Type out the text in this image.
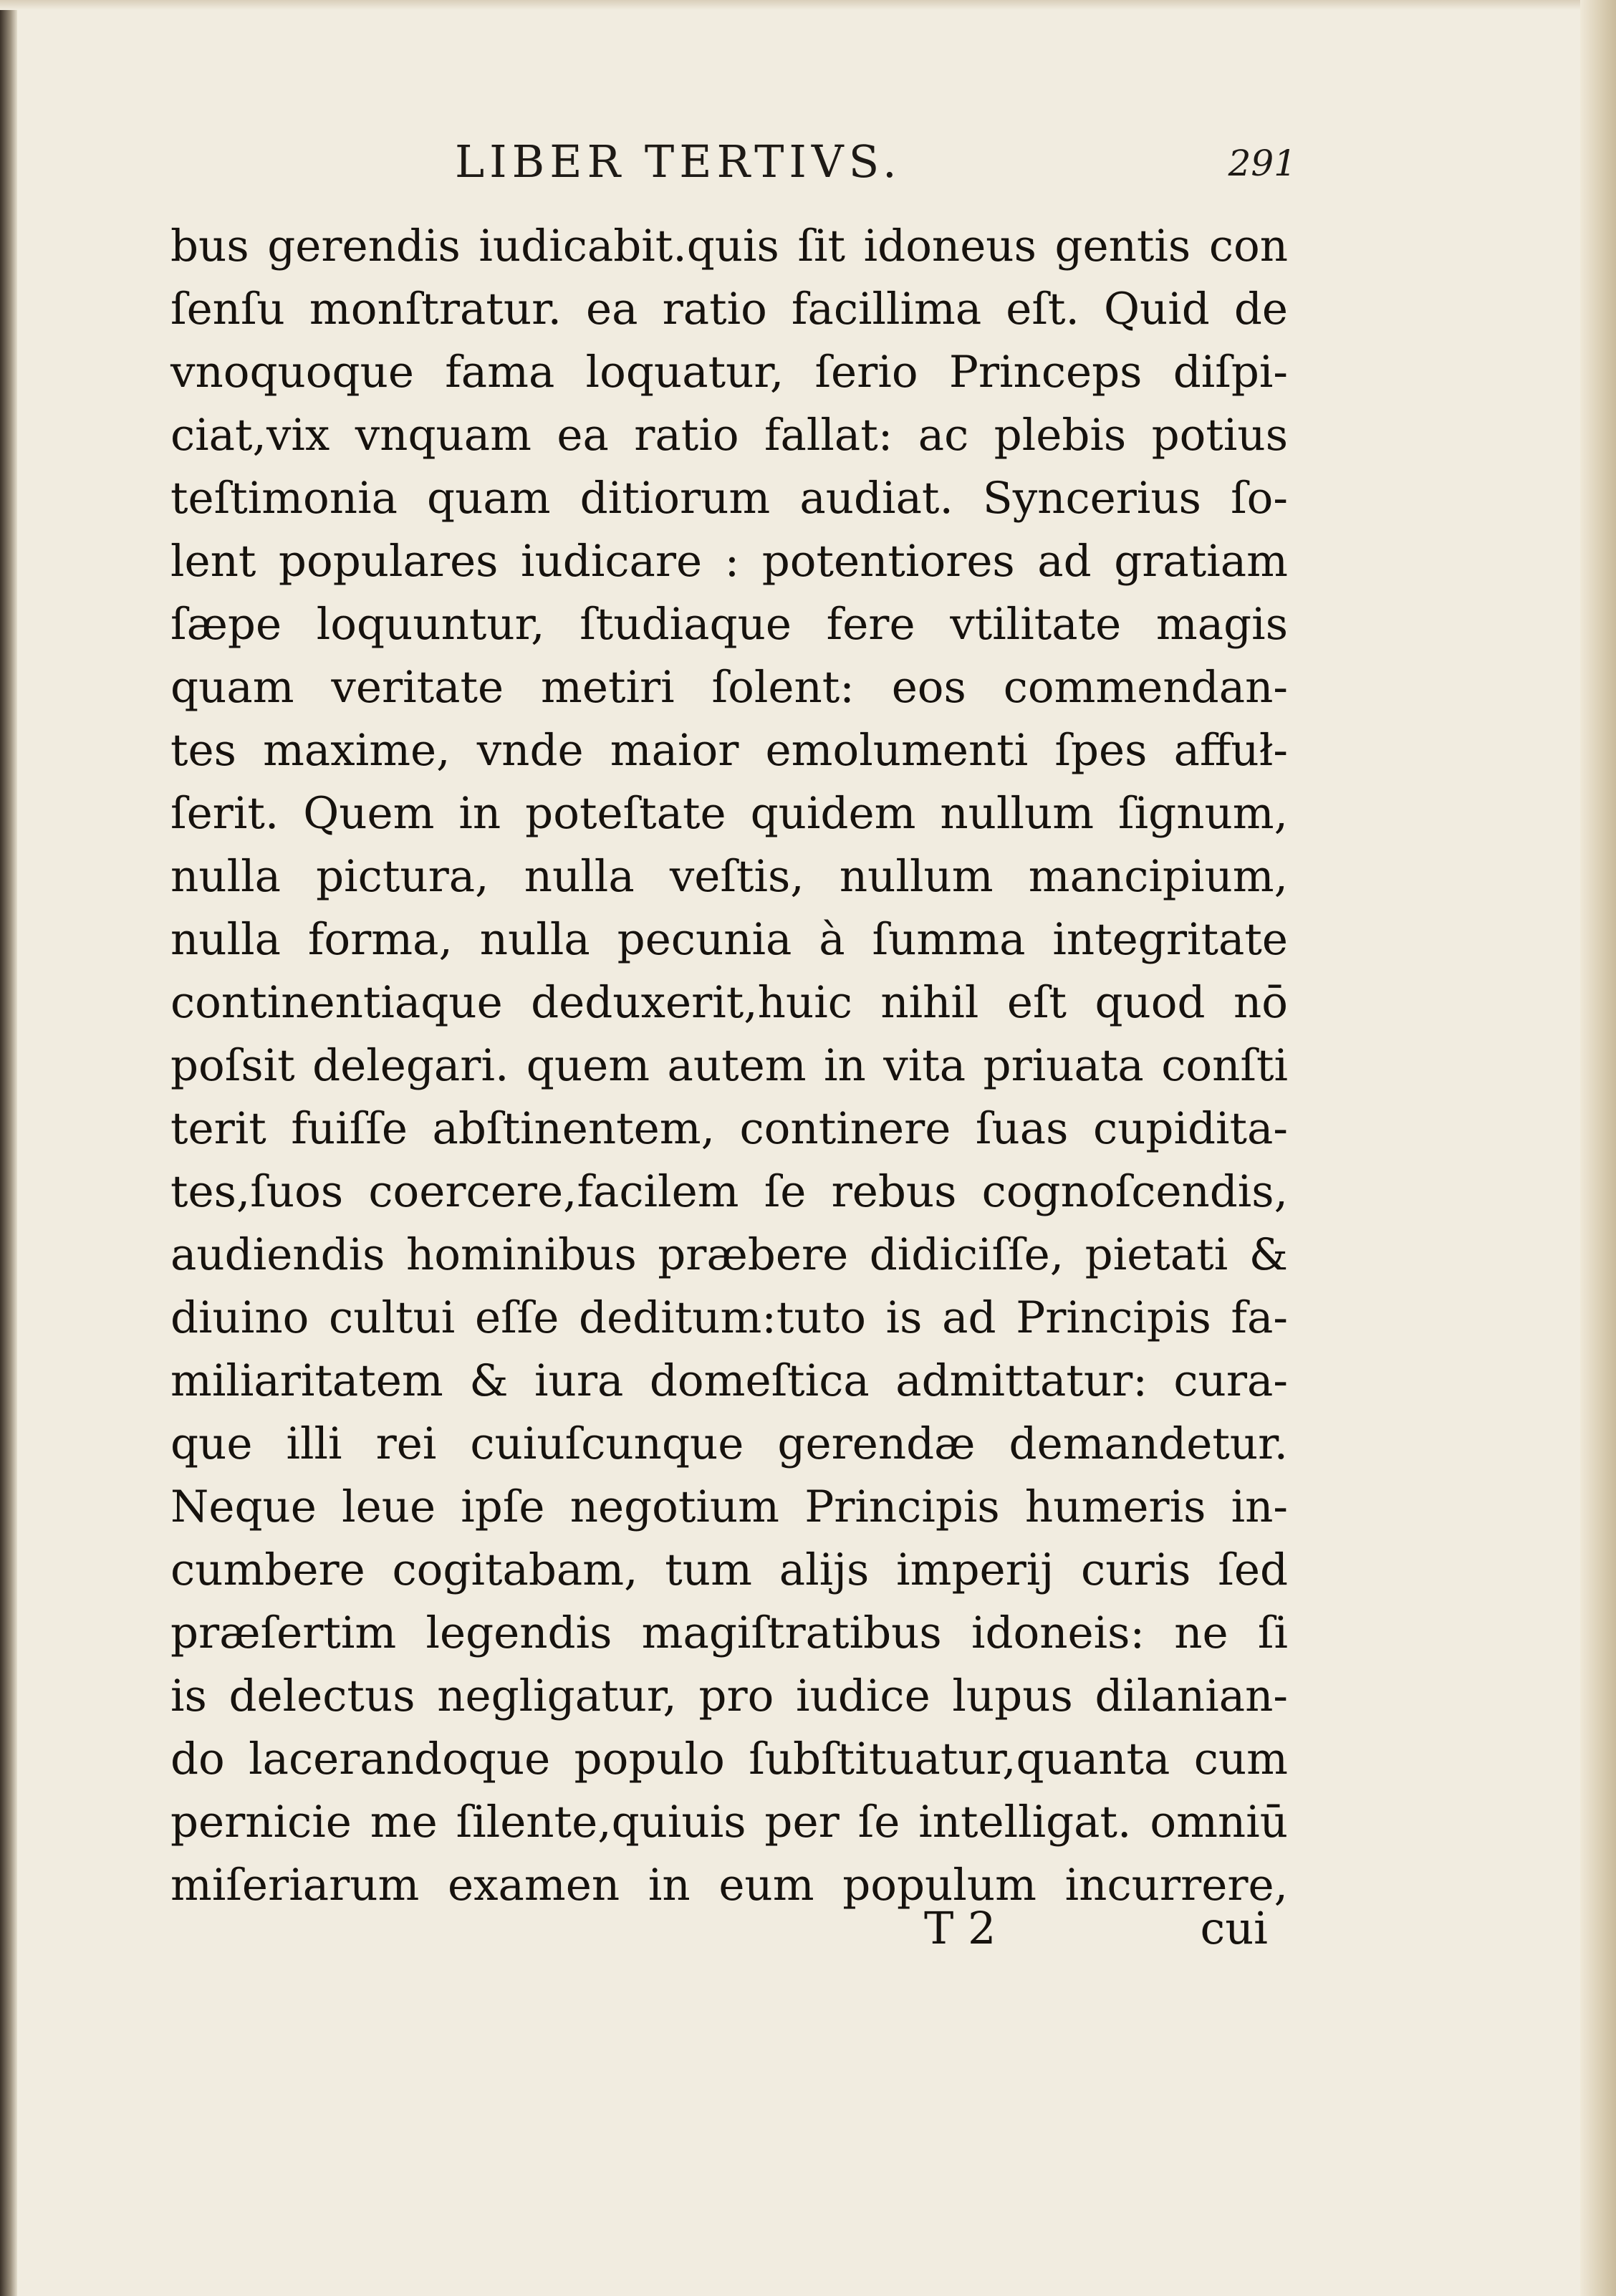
LIBER TERTIVS.	291
bus gerendis iudicabit.quis ſit idoneus gentis con
ſenſu monſtratur. ea ratio facillima eſt. Quid de
vnoquoque fama loquatur, ſerio Princeps diſpi-
ciat,vix vnquam ea ratio fallat: ac plebis potius
teſtimonia quam ditiorum audiat. Syncerius ſo-
lent populares iudicare : potentiores ad gratiam
ſæpe loquuntur, ſtudiaque fere vtilitate magis
quam veritate metiri ſolent: eos commendan-
tes maxime, vnde maior emolumenti ſpes affuł-
ſerit. Quem in poteſtate quidem nullum ſignum,
nulla pictura, nulla veſtis, nullum mancipium,
nulla forma, nulla pecunia à ſumma integritate
continentiaque deduxerit,huic nihil eſt quod nō
poſsit delegari. quem autem in vita priuata conſti
terit fuiſſe abſtinentem, continere ſuas cupidita-
tes,ſuos coercere,facilem ſe rebus cognoſcendis,
audiendis hominibus præbere didiciſſe, pietati &
diuino cultui eſſe deditum:tuto is ad Principis fa-
miliaritatem & iura domeſtica admittatur: cura-
que illi rei cuiuſcunque gerendæ demandetur.
Neque leue ipſe negotium Principis humeris in-
cumbere cogitabam, tum alijs imperij curis ſed
præſertim legendis magiſtratibus idoneis: ne ſi
is delectus negligatur, pro iudice lupus dilanian-
do lacerandoque populo ſubſtituatur,quanta cum
pernicie me ſilente,quiuis per ſe intelligat. omniū
miſeriarum examen in eum populum incurrere,
T 2	cui
